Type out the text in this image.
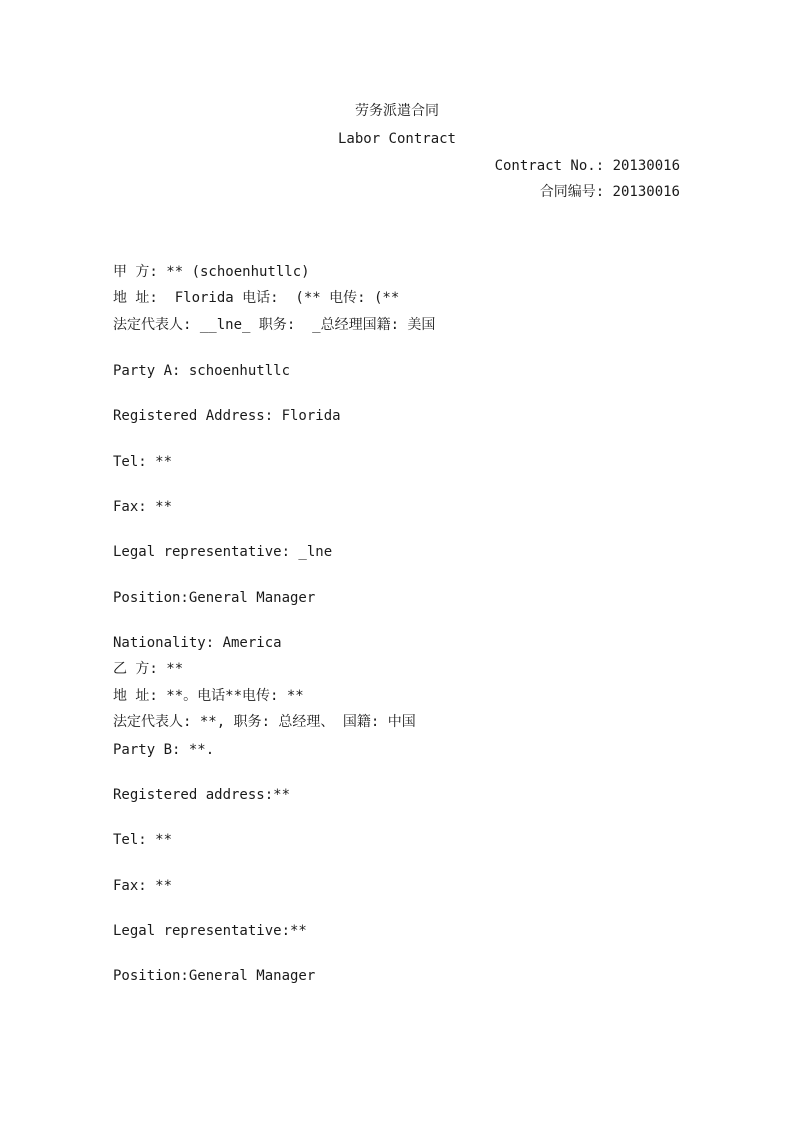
劳务派遣合同
Labor Contract
Contract No.: 20130016
合同编号: 20130016
甲 方: ** (schoenhutllc)
地 址:  Florida 电话:  (** 电传: (**
法定代表人: __lne_ 职务:  _总经理国籍: 美国
Party A: schoenhutllc
Registered Address: Florida
Tel: **
Fax: **
Legal representative: _lne
Position:General Manager
Nationality: America
乙 方: **
地 址: **。电话**电传: **
法定代表人: **, 职务: 总经理、 国籍: 中国
Party B: **.
Registered address:**
Tel: **
Fax: **
Legal representative:**
Position:General Manager
